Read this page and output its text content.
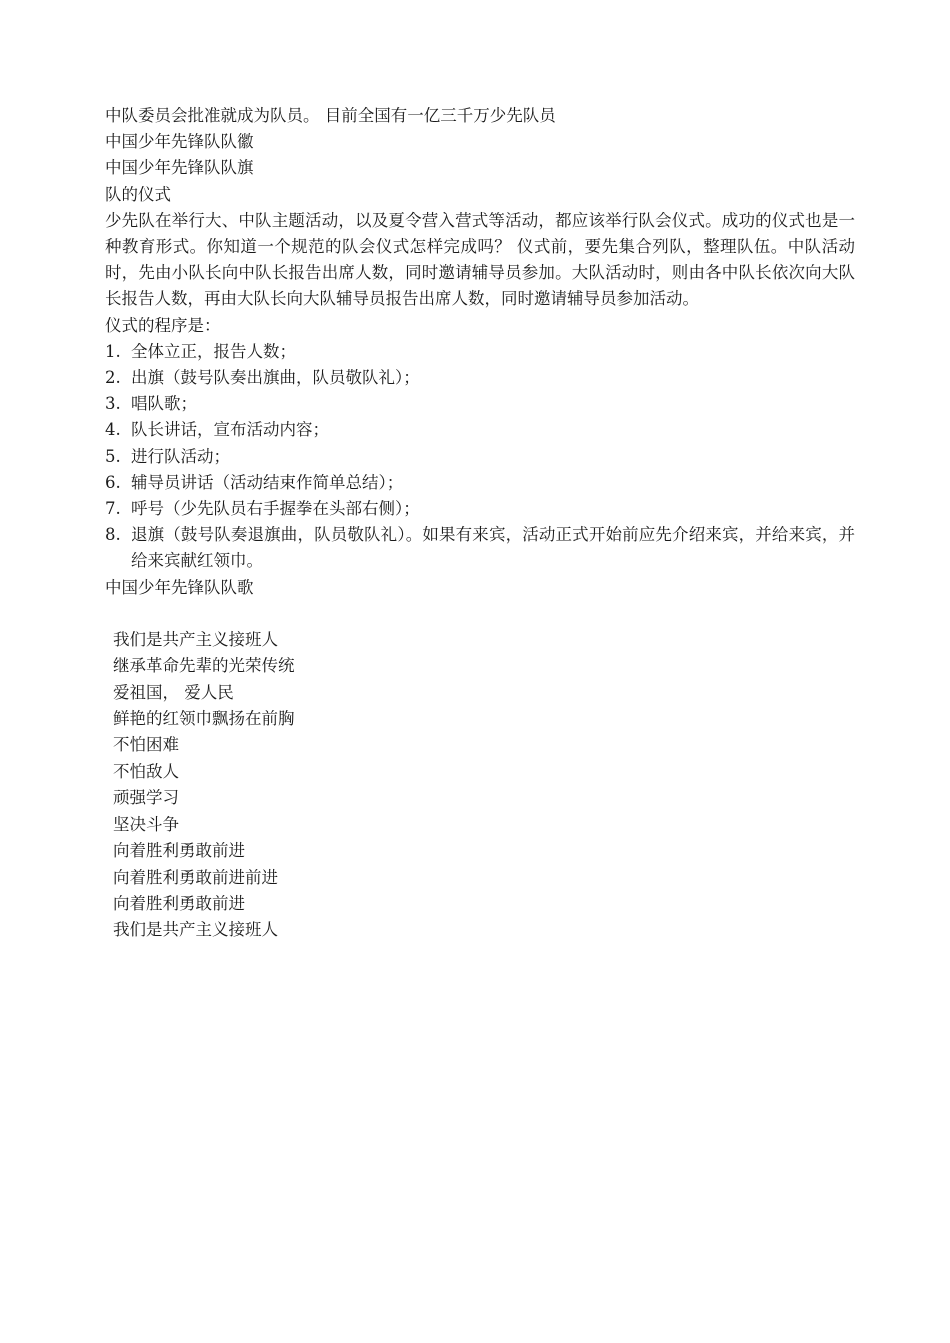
中队委员会批准就成为队员。 目前全国有一亿三千万少先队员

中国少年先锋队队徽

中国少年先锋队队旗

队的仪式

少先队在举行大、中队主题活动，以及夏令营入营式等活动，都应该举行队会仪式。成功的仪式也是一种教育形式。你知道一个规范的队会仪式怎样完成吗？ 仪式前，要先集合列队，整理队伍。中队活动时，先由小队长向中队长报告出席人数，同时邀请辅导员参加。大队活动时，则由各中队长依次向大队长报告人数，再由大队长向大队辅导员报告出席人数，同时邀请辅导员参加活动。

仪式的程序是：

1. 全体立正，报告人数；
2. 出旗（鼓号队奏出旗曲，队员敬队礼）；
3. 唱队歌；
4. 队长讲话，宣布活动内容；
5. 进行队活动；
6. 辅导员讲话（活动结束作简单总结）；
7. 呼号（少先队员右手握拳在头部右侧）；
8. 退旗（鼓号队奏退旗曲，队员敬队礼）。如果有来宾，活动正式开始前应先介绍来宾，并给来宾，并给来宾献红领巾。

中国少年先锋队队歌

我们是共产主义接班人

继承革命先辈的光荣传统

爱祖国， 爱人民

鲜艳的红领巾飘扬在前胸

不怕困难

不怕敌人

顽强学习

坚决斗争

向着胜利勇敢前进

向着胜利勇敢前进前进

向着胜利勇敢前进

我们是共产主义接班人
